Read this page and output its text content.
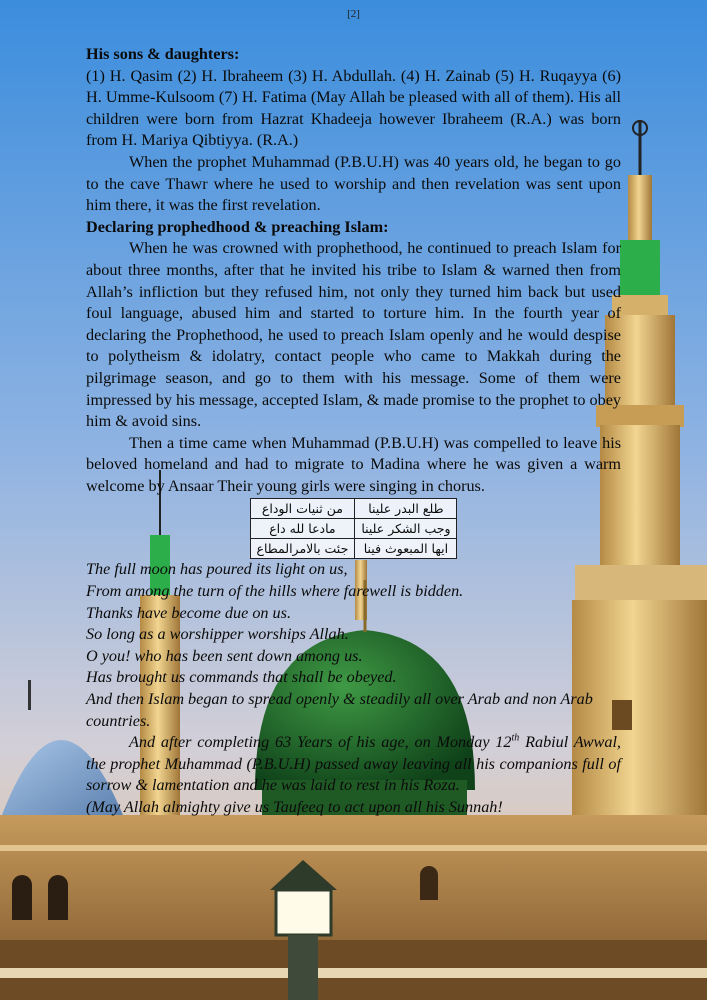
[2]

His sons & daughters:

(1) H. Qasim (2) H. Ibraheem (3) H. Abdullah. (4) H. Zainab (5) H. Ruqayya (6) H. Umme-Kulsoom (7) H. Fatima (May Allah be pleased with all of them). His all children were born from Hazrat Khadeeja however Ibraheem (R.A.) was born from H. Mariya Qibtiyya. (R.A.)

When the prophet Muhammad (P.B.U.H) was 40 years old, he began to go to the cave Thawr where he used to worship and then revelation was sent upon him there, it was the first revelation.

Declaring prophedhood & preaching Islam:

When he was crowned with prophethood, he continued to preach Islam for about three months, after that he invited his tribe to Islam & warned then from Allah’s infliction but they refused him, not only they turned him back but used foul language, abused him and started to torture him. In the fourth year of declaring the Prophethood, he used to preach Islam openly and he would despise to polytheism & idolatry, contact people who came to Makkah during the pilgrimage season, and go to them with his message. Some of them were impressed by his message, accepted Islam, & made promise to the prophet to obey him & avoid sins.

Then a time came when Muhammad (P.B.U.H) was compelled to leave his beloved homeland and had to migrate to Madina where he was given a warm welcome by Ansaar Their young girls were singing in chorus.

من ثنيات الوداع	طلع البدر علينا
مادعا لله داع	وجب الشكر علينا
جئت بالامرالمطاع	ايها المبعوث فينا
The full moon has poured its light on us,
From among the turn of the hills where farewell is bidden.
Thanks have become due on us.
So long as a worshipper worships Allah.
O you! who has been sent down among us.
Has brought us commands that shall be obeyed.
And then Islam began to spread openly & steadily all over Arab and non Arab countries.

And after completing 63 Years of his age, on Monday 12th Rabiul Awwal, the prophet Muhammad (P.B.U.H) passed away leaving all his companions full of sorrow & lamentation and he was laid to rest in his Roza.

(May Allah almighty give us Taufeeq to act upon all his Sunnah!
